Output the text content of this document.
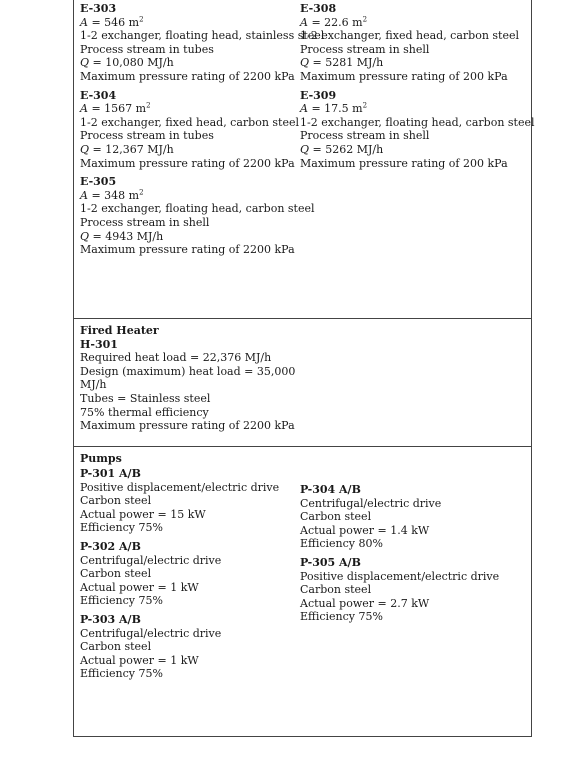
E-303
A = 546 $m^2$
1-2 exchanger, floating head, stainless steel
Process stream in tubes
Q = 10,080 MJ/h
Maximum pressure rating of 2200 kPa
E-304
A = 1567 $m^2$
1-2 exchanger, fixed head, carbon steel
Process stream in tubes
Q = 12,367 MJ/h
Maximum pressure rating of 2200 kPa
E-305
A = 348 $m^2$
1-2 exchanger, floating head, carbon steel
Process stream in shell
Q = 4943 MJ/h
Maximum pressure rating of 2200 kPa
E-308
A = 22.6 $m^2$
1-2 exchanger, fixed head, carbon steel
Process stream in shell
Q = 5281 MJ/h
Maximum pressure rating of 200 kPa
E-309
A = 17.5 $m^2$
1-2 exchanger, floating head, carbon steel
Process stream in shell
Q = 5262 MJ/h
Maximum pressure rating of 200 kPa
Fired Heater
H-301
Required heat load = 22,376 MJ/h
Design (maximum) heat load = 35,000
MJ/h
Tubes = Stainless steel
75% thermal efficiency
Maximum pressure rating of 2200 kPa
Pumps
P-301 A/B
Positive displacement/electric drive
Carbon steel
Actual power = 15 kW
Efficiency 75%
P-302 A/B
Centrifugal/electric drive
Carbon steel
Actual power = 1 kW
Efficiency 75%
P-303 A/B
Centrifugal/electric drive
Carbon steel
Actual power = 1 kW
Efficiency 75%
P-304 A/B
Centrifugal/electric drive
Carbon steel
Actual power = 1.4 kW
Efficiency 80%
P-305 A/B
Positive displacement/electric drive
Carbon steel
Actual power = 2.7 kW
Efficiency 75%
